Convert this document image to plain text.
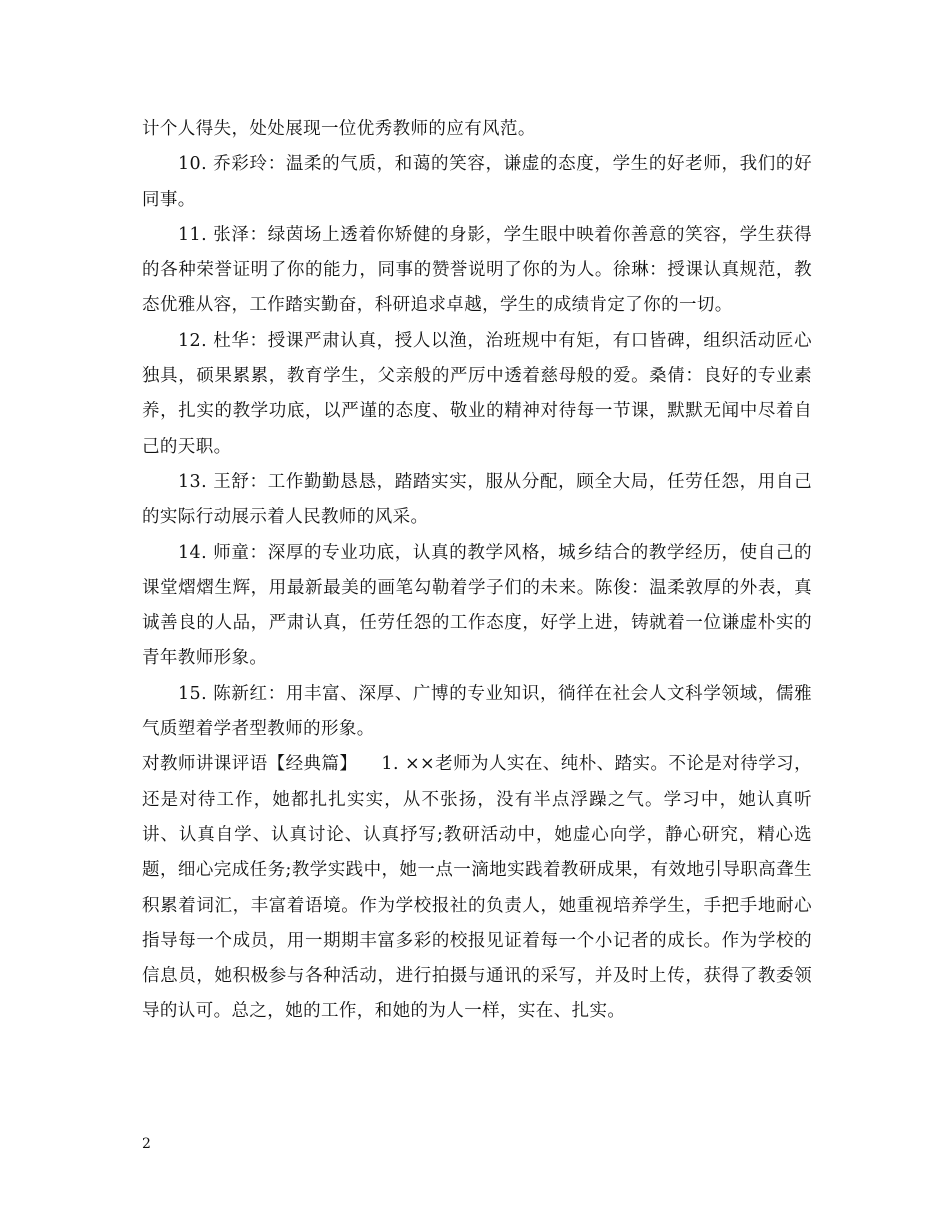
计个人得失，处处展现一位优秀教师的应有风范。

10. 乔彩玲：温柔的气质，和蔼的笑容，谦虚的态度，学生的好老师，我们的好同事。

11. 张泽：绿茵场上透着你矫健的身影，学生眼中映着你善意的笑容，学生获得的各种荣誉证明了你的能力，同事的赞誉说明了你的为人。徐琳：授课认真规范，教态优雅从容，工作踏实勤奋，科研追求卓越，学生的成绩肯定了你的一切。

12. 杜华：授课严肃认真，授人以渔，治班规中有矩，有口皆碑，组织活动匠心独具，硕果累累，教育学生，父亲般的严厉中透着慈母般的爱。桑倩：良好的专业素养，扎实的教学功底，以严谨的态度、敬业的精神对待每一节课，默默无闻中尽着自己的天职。

13. 王舒：工作勤勤恳恳，踏踏实实，服从分配，顾全大局，任劳任怨，用自己的实际行动展示着人民教师的风采。

14. 师童：深厚的专业功底，认真的教学风格，城乡结合的教学经历，使自己的课堂熠熠生辉，用最新最美的画笔勾勒着学子们的未来。陈俊：温柔敦厚的外表，真诚善良的人品，严肃认真，任劳任怨的工作态度，好学上进，铸就着一位谦虚朴实的青年教师形象。

15. 陈新红：用丰富、深厚、广博的专业知识，徜徉在社会人文科学领域，儒雅气质塑着学者型教师的形象。

对教师讲课评语【经典篇】    1. ××老师为人实在、纯朴、踏实。不论是对待学习，还是对待工作，她都扎扎实实，从不张扬，没有半点浮躁之气。学习中，她认真听讲、认真自学、认真讨论、认真抒写;教研活动中，她虚心向学，静心研究，精心选题，细心完成任务;教学实践中，她一点一滴地实践着教研成果，有效地引导职高聋生积累着词汇，丰富着语境。作为学校报社的负责人，她重视培养学生，手把手地耐心指导每一个成员，用一期期丰富多彩的校报见证着每一个小记者的成长。作为学校的信息员，她积极参与各种活动，进行拍摄与通讯的采写，并及时上传，获得了教委领导的认可。总之，她的工作，和她的为人一样，实在、扎实。

2
